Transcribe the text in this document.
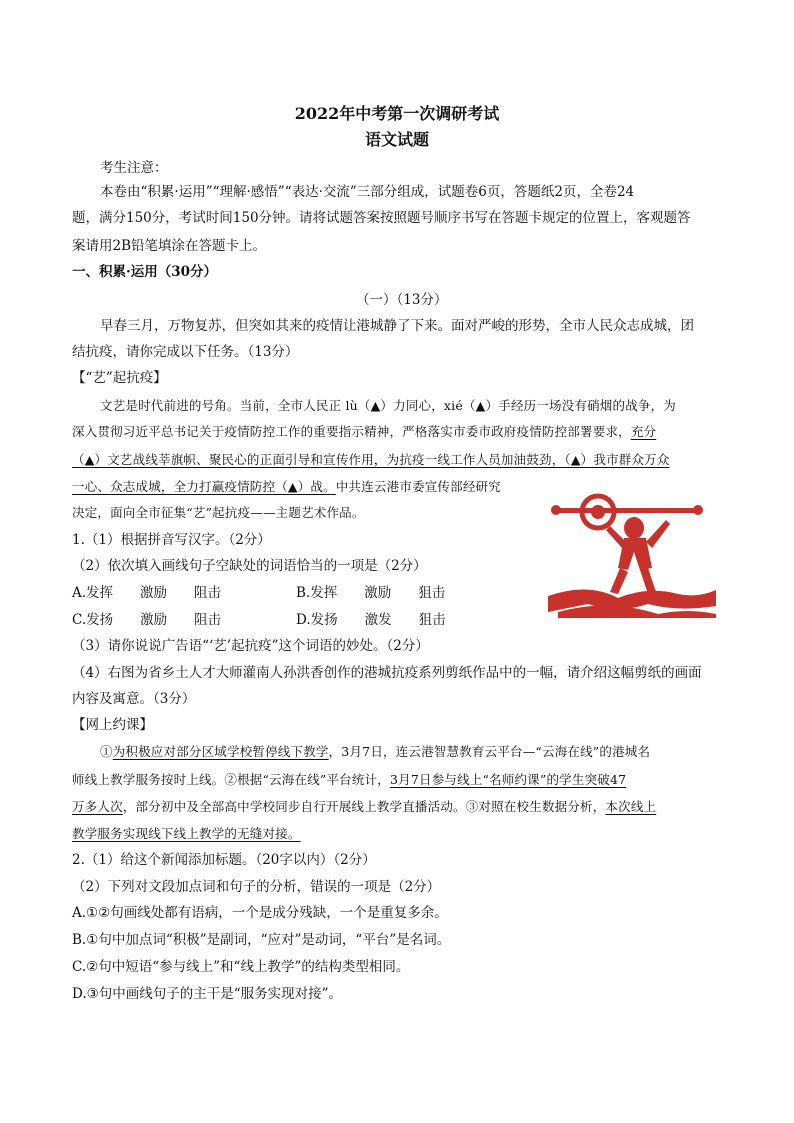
2022年中考第一次调研考试
语文试题
考生注意：
本卷由“积累·运用”“理解·感悟”“表达·交流”三部分组成，试题卷6页，答题纸2页，全卷24
题，满分150分，考试时间150分钟。请将试题答案按照题号顺序书写在答题卡规定的位置上，客观题答
案请用2B铅笔填涂在答题卡上。
一、积累·运用（30分）
（一）（13分）
早春三月，万物复苏，但突如其来的疫情让港城静了下来。面对严峻的形势，全市人民众志成城，团
结抗疫，请你完成以下任务。（13分）
【“艺”起抗疫】
文艺是时代前进的号角。当前，全市人民正 lù（▲）力同心，xié（▲）手经历一场没有硝烟的战争，为
深入贯彻习近平总书记关于疫情防控工作的重要指示精神，严格落实市委市政府疫情防控部署要求，充分
（▲）文艺战线莘旗帜、聚民心的正面引导和宣传作用，为抗疫一线工作人员加油鼓劲，（▲）我市群众万众
一心、众志成城，全力打赢疫情防控（▲）战。中共连云港市委宣传部经研究
决定，面向全市征集“艺”起抗疫——主题艺术作品。
1.（1）根据拼音写汉字。（2分）
（2）依次填入画线句子空缺处的词语恰当的一项是（2分）
A.发挥　　激励　　阻击	B.发挥　　激励　　狙击
C.发扬　　激励　　阻击	D.发扬　　激发　　狙击
（3）请你说说广告语“‘艺’起抗疫”这个词语的妙处。（2分）
（4）右图为省乡土人才大师灌南人孙洪香创作的港城抗疫系列剪纸作品中的一幅，请介绍这幅剪纸的画面
内容及寓意。（3分）
【网上约课】
①为积极应对部分区域学校暂停线下教学，3月7日，连云港智慧教育云平台—“云海在线”的港城名
师线上教学服务按时上线。②根据“云海在线”平台统计，3月7日参与线上“名师约课”的学生突破47
万多人次，部分初中及全部高中学校同步自行开展线上教学直播活动。③对照在校生数据分析，本次线上
教学服务实现线下线上教学的无缝对接。
2.（1）给这个新闻添加标题。（20字以内）（2分）
（2）下列对文段加点词和句子的分析，错误的一项是（2分）
A.①②句画线处都有语病，一个是成分残缺，一个是重复多余。
B.①句中加点词“积极”是副词，“应对”是动词，“平台”是名词。
C.②句中短语“参与线上”和“线上教学”的结构类型相同。
D.③句中画线句子的主干是“服务实现对接”。
